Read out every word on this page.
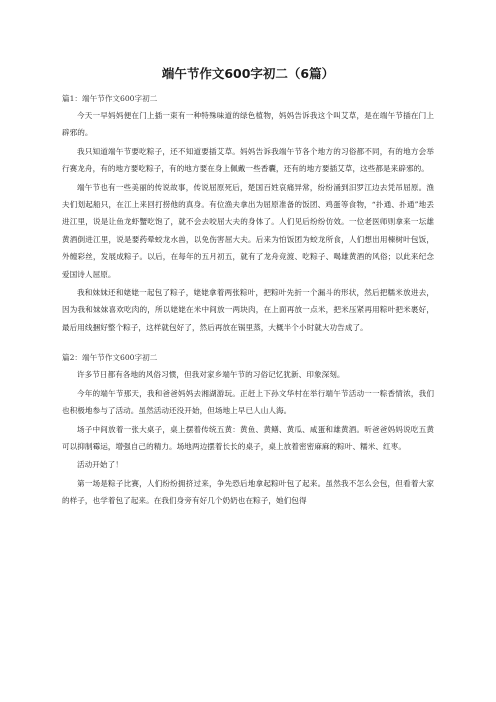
端午节作文600字初二（6篇）
篇1：端午节作文600字初二

今天一早妈妈便在门上插一束有一种特殊味道的绿色植物，妈妈告诉我这个叫艾草，是在端午节插在门上辟邪的。

我只知道端午节要吃粽子，还不知道要插艾草。妈妈告诉我端午节各个地方的习俗都不同，有的地方会举行赛龙舟，有的地方要吃粽子，有的地方要在身上佩戴一些香囊，还有的地方要插艾草，这些都是来辟邪的。

端午节也有一些美丽的传说故事，传说屈原死后，楚国百姓哀痛异常，纷纷涌到汨罗江边去凭吊屈原。渔夫们划起船只，在江上来回打捞他的真身。有位渔夫拿出为屈原准备的饭团、鸡蛋等食物，“扑通、扑通”地丢进江里，说是让鱼龙虾蟹吃饱了，就不会去咬屈大夫的身体了。人们见后纷纷仿效。一位老医师则拿来一坛雄黄酒倒进江里，说是要药晕蛟龙水兽，以免伤害屈大夫。后来为怕饭团为蛟龙所食，人们想出用楝树叶包饭，外缠彩丝，发展成粽子。以后，在每年的五月初五，就有了龙舟竞渡、吃粽子、喝雄黄酒的风俗；以此来纪念爱国诗人屈原。

我和妹妹还和姥姥一起包了粽子，姥姥拿着两张粽叶，把粽叶先折一个漏斗的形状，然后把糯米放进去，因为我和妹妹喜欢吃肉的，所以姥姥在米中间放一两块肉，在上面再放一点米，把米压紧再用粽叶把米裹好，最后用线捆好整个粽子，这样就包好了，然后再放在锅里蒸，大概半个小时就大功告成了。

篇2：端午节作文600字初二

许多节日都有各地的风俗习惯，但我对家乡端午节的习俗记忆犹新、印象深刻。

今年的端午节那天，我和爸爸妈妈去湘湖游玩。正赶上下孙文华村在举行端午节活动一一粽香情浓，我们也积极地参与了活动。虽然活动还没开始，但场地上早已人山人海。

场子中间放着一张大桌子，桌上摆着传统五黄：黄鱼、黄鳝、黄瓜、咸蛋和雄黄酒。听爸爸妈妈说吃五黄可以抑制霉运，增强自己的精力。场地两边摆着长长的桌子，桌上放着密密麻麻的粽叶、糯米、红枣。

活动开始了！

第一场是粽子比赛，人们纷纷拥挤过来，争先恐后地拿起粽叶包了起来。虽然我不怎么会包，但看着大家的样子，也学着包了起来。在我们身旁有好几个奶奶也在粽子，她们包得
